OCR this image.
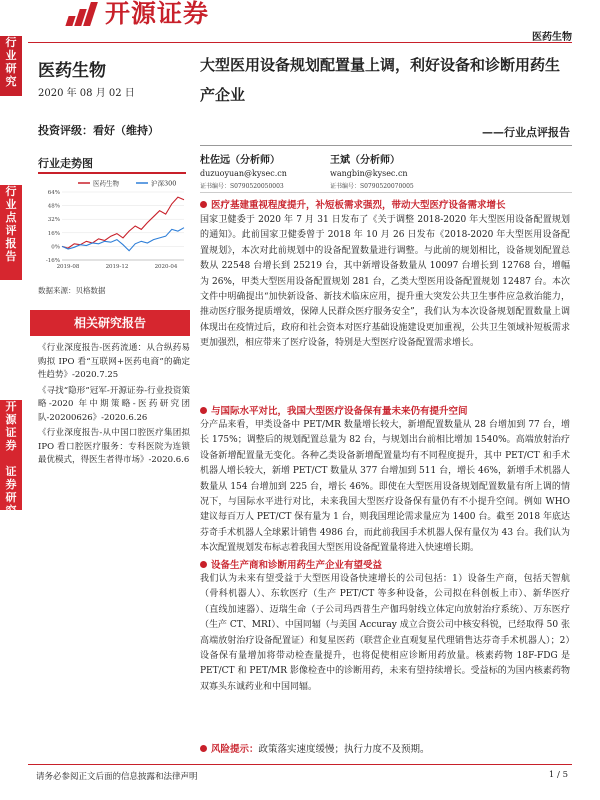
开源证券
医药生物
行
业
研
究
行
业
点
评
报
告
开
源
证
券

证
券
研
究
报
告
医药生物
2020 年 08 月 02 日
投资评级：看好（维持）
行业走势图
医药生物	沪深300
-16%
0%
16%
32%
48%
64%
2019-08	2019-12	2020-04
数据来源：贝格数据
相关研究报告
《行业深度报告-医药流通：从合纵药易购拟 IPO 看“互联网+医药电商”的确定性趋势》-2020.7.25
《寻找“隐形”冠军-开源证券-行业投资策略-2020 年中期策略-医药研究团队-20200626》-2020.6.26
《行业深度报告-从中国口腔医疗集团拟 IPO 看口腔医疗服务：专科医院为连锁最优模式，得医生者得市场》-2020.6.6
大型医用设备规划配置量上调，利好设备和诊断用药生产企业
——行业点评报告
杜佐远（分析师）
duzuoyuan@kysec.cn
证书编号：S0790520050003
王斌（分析师）
wangbin@kysec.cn
证书编号：S0790520070005
医疗基建重视程度提升，补短板需求强烈，带动大型医疗设备需求增长
国家卫健委于 2020 年 7 月 31 日发布了《关于调整 2018-2020 年大型医用设备配置规划的通知》。此前国家卫健委曾于 2018 年 10 月 26 日发布《2018-2020 年大型医用设备配置规划》，本次对此前规划中的设备配置数量进行调整。与此前的规划相比，设备规划配置总数从 22548 台增长到 25219 台，其中新增设备数量从 10097 台增长到 12768 台，增幅为 26%，甲类大型医用设备配置规划 281 台，乙类大型医用设备配置规划 12487 台。本次文件中明确提出“加快新设备、新技术临床应用，提升重大突发公共卫生事件应急救治能力，推动医疗服务提质增效，保障人民群众医疗服务安全”，我们认为本次设备规划配置数量上调体现出在疫情过后，政府和社会资本对医疗基础设施建设更加重视，公共卫生领域补短板需求更加强烈，相应带来了医疗设备，特别是大型医疗设备配置需求增长。
与国际水平对比，我国大型医疗设备保有量未来仍有提升空间
分产品来看，甲类设备中 PET/MR 数量增长较大，新增配置数量从 28 台增加到 77 台，增长 175%；调整后的规划配置总量为 82 台，与规划出台前相比增加 1540%。高端放射治疗设备新增配置量无变化。各种乙类设备新增配置量均有不同程度提升，其中 PET/CT 和手术机器人增长较大，新增 PET/CT 数量从 377 台增加到 511 台，增长 46%，新增手术机器人数量从 154 台增加到 225 台，增长 46%。即使在大型医用设备规划配置数量有所上调的情况下，与国际水平进行对比，未来我国大型医疗设备保有量仍有不小提升空间。例如 WHO 建议每百万人 PET/CT 保有量为 1 台，则我国理论需求量应为 1400 台。截至 2018 年底达芬奇手术机器人全球累计销售 4986 台，而此前我国手术机器人保有量仅为 43 台。我们认为本次配置规划发布标志着我国大型医用设备配置量将进入快速增长期。
设备生产商和诊断用药生产企业有望受益
我们认为未来有望受益于大型医用设备快速增长的公司包括：1）设备生产商，包括天智航（骨科机器人）、东软医疗（生产 PET/CT 等多种设备，公司拟在科创板上市）、新华医疗（直线加速器）、迈瑞生命（子公司玛西普生产伽玛射线立体定向放射治疗系统）、万东医疗（生产 CT、MRI）、中国同辐（与美国 Accuray 成立合资公司中核安科锐，已经取得 50 张高端放射治疗设备配置证）和复星医药（联营企业直观复星代理销售达芬奇手术机器人）；2）设备保有量增加将带动检查量提升，也将促使相应诊断用药放量。核素药物 18F-FDG 是 PET/CT 和 PET/MR 影像检查中的诊断用药，未来有望持续增长。受益标的为国内核素药物双寡头东诚药业和中国同辐。
风险提示：政策落实速度缓慢；执行力度不及预期。
请务必参阅正文后面的信息披露和法律声明	1 / 5
